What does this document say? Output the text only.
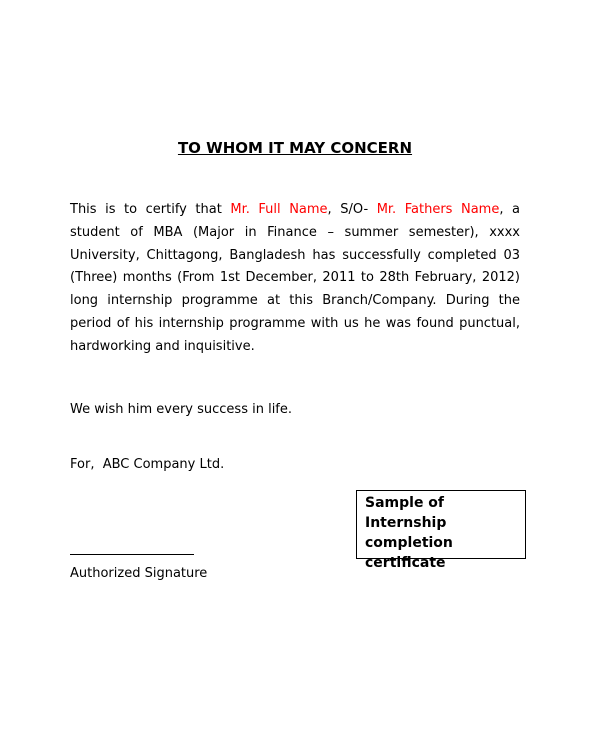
TO WHOM IT MAY CONCERN

This is to certify that Mr. Full Name, S/O- Mr. Fathers Name, a student of MBA (Major in Finance – summer semester), xxxx University, Chittagong, Bangladesh has successfully completed 03 (Three) months (From 1st December, 2011 to 28th February, 2012) long internship programme at this Branch/Company. During the period of his internship programme with us he was found punctual, hardworking and inquisitive.

We wish him every success in life.

For,  ABC Company Ltd.

Authorized Signature

Sample of Internship completion certificate
